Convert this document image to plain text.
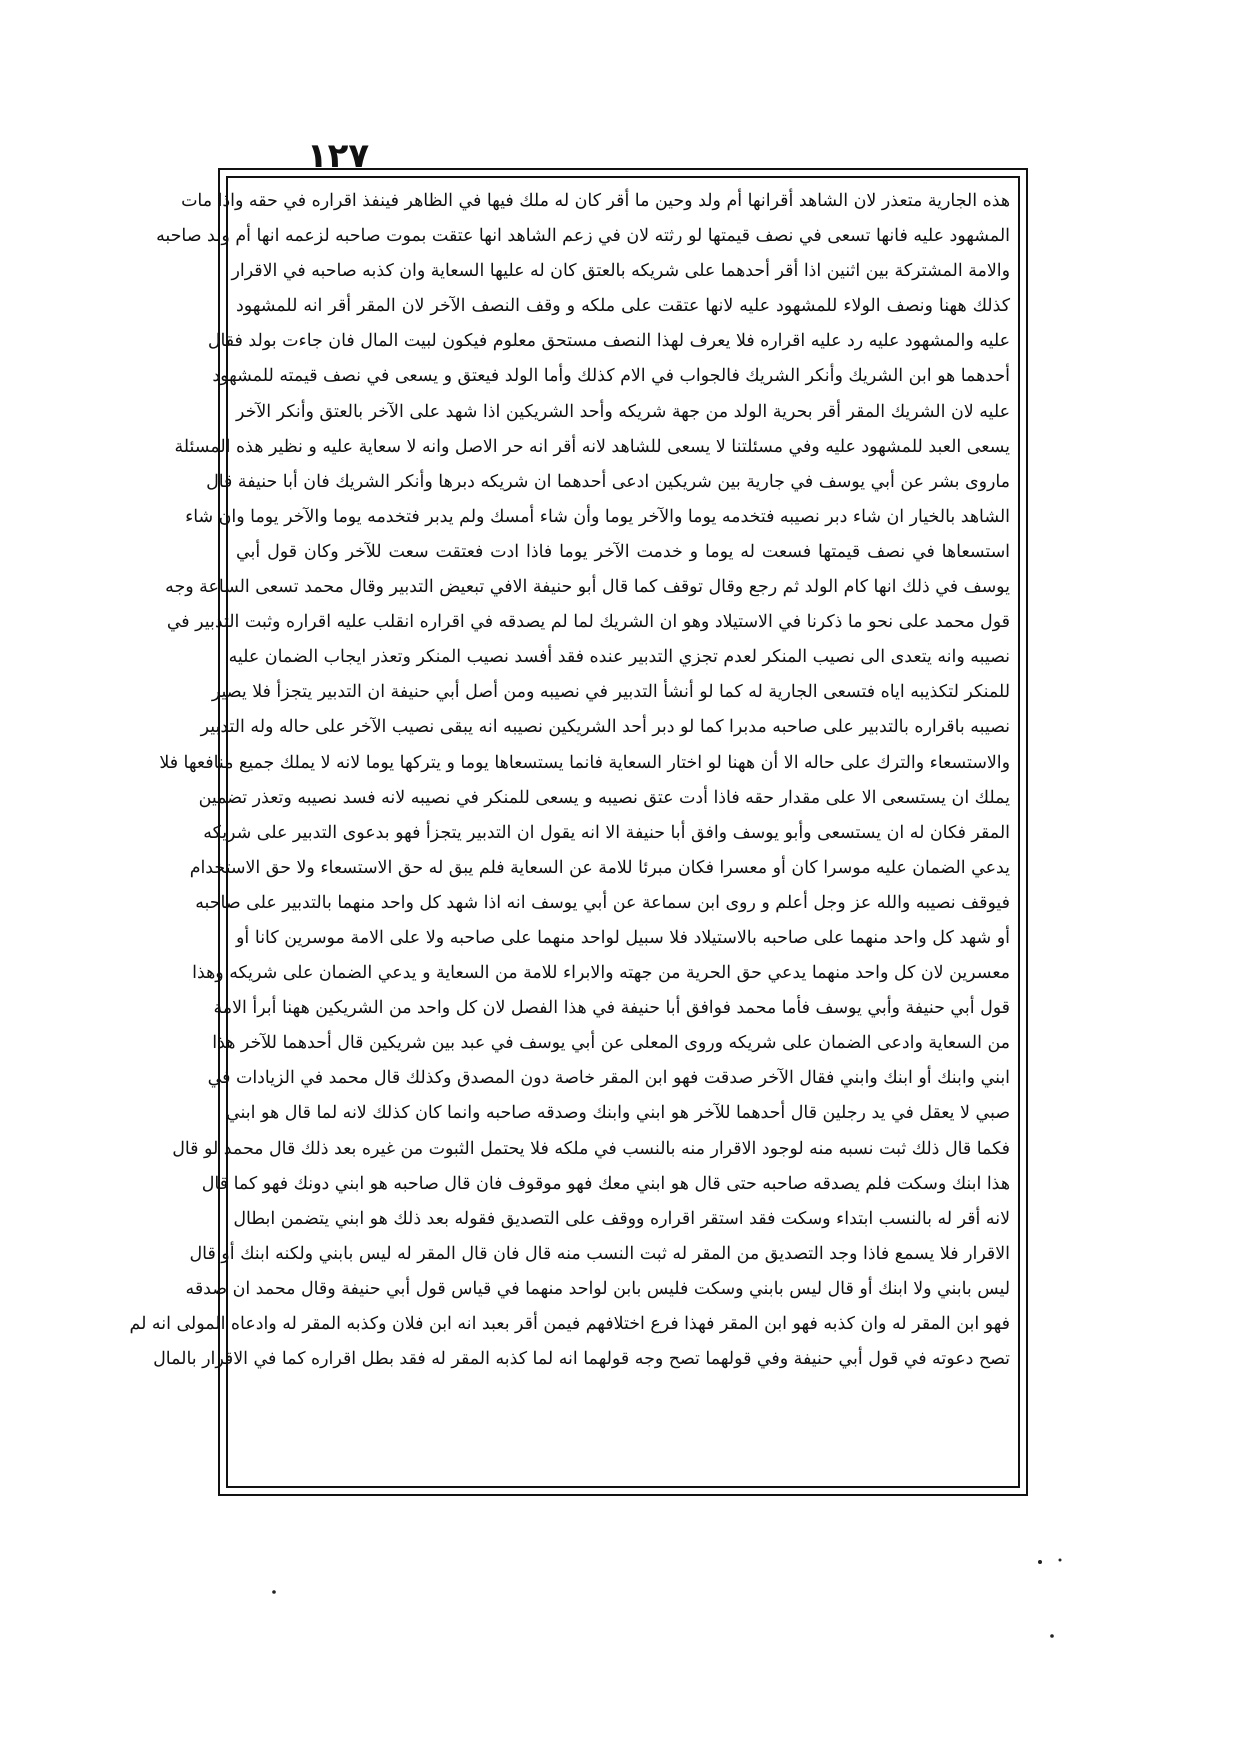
١٢٧
هذه الجارية متعذر لان الشاهد أقرانها أم ولد وحين ما أقر كان له ملك فيها في الظاهر فينفذ اقراره في حقه واذا مات
المشهود عليه فانها تسعى في نصف قيمتها لو رثته لان في زعم الشاهد انها عتقت بموت صاحبه لزعمه انها أم ولد صاحبه
والامة المشتركة بين اثنين اذا أقر أحدهما على شريكه بالعتق كان له عليها السعاية وان كذبه صاحبه في الاقرار
كذلك ههنا ونصف الولاء للمشهود عليه لانها عتقت على ملكه و وقف النصف الآخر لان المقر أقر انه للمشهود
عليه والمشهود عليه رد عليه اقراره فلا يعرف لهذا النصف مستحق معلوم فيكون لبيت المال فان جاءت بولد فقال
أحدهما هو ابن الشريك وأنكر الشريك فالجواب في الام كذلك وأما الولد فيعتق و يسعى في نصف قيمته للمشهود
عليه لان الشريك المقر أقر بحرية الولد من جهة شريكه وأحد الشريكين اذا شهد على الآخر بالعتق وأنكر الآخر
يسعى العبد للمشهود عليه وفي مسئلتنا لا يسعى للشاهد لانه أقر انه حر الاصل وانه لا سعاية عليه و نظير هذه المسئلة
ماروى بشر عن أبي يوسف في جارية بين شريكين ادعى أحدهما ان شريكه دبرها وأنكر الشريك فان أبا حنيفة قال
الشاهد بالخيار ان شاء دبر نصيبه فتخدمه يوما والآخر يوما وأن شاء أمسك ولم يدبر فتخدمه يوما والآخر يوما وان شاء
استسعاها في نصف قيمتها فسعت له يوما و خدمت الآخر يوما فاذا ادت فعتقت سعت للآخر وكان قول أبي
يوسف في ذلك انها كام الولد ثم رجع وقال توقف كما قال أبو حنيفة الافي تبعيض التدبير وقال محمد تسعى الساعة وجه
قول محمد على نحو ما ذكرنا في الاستيلاد وهو ان الشريك لما لم يصدقه في اقراره انقلب عليه اقراره وثبت التدبير في
نصيبه وانه يتعدى الى نصيب المنكر لعدم تجزي التدبير عنده فقد أفسد نصيب المنكر وتعذر ايجاب الضمان عليه
للمنكر لتكذيبه اياه فتسعى الجارية له كما لو أنشأ التدبير في نصيبه ومن أصل أبي حنيفة ان التدبير يتجزأ فلا يصير
نصيبه باقراره بالتدبير على صاحبه مدبرا كما لو دبر أحد الشريكين نصيبه انه يبقى نصيب الآخر على حاله وله التدبير
والاستسعاء والترك على حاله الا أن ههنا لو اختار السعاية فانما يستسعاها يوما و يتركها يوما لانه لا يملك جميع منافعها فلا
يملك ان يستسعى الا على مقدار حقه فاذا أدت عتق نصيبه و يسعى للمنكر في نصيبه لانه فسد نصيبه وتعذر تضمين
المقر فكان له ان يستسعى وأبو يوسف وافق أبا حنيفة الا انه يقول ان التدبير يتجزأ فهو بدعوى التدبير على شريكه
يدعي الضمان عليه موسرا كان أو معسرا فكان مبرئا للامة عن السعاية فلم يبق له حق الاستسعاء ولا حق الاستخدام
فيوقف نصيبه والله عز وجل أعلم و روى ابن سماعة عن أبي يوسف انه اذا شهد كل واحد منهما بالتدبير على صاحبه
أو شهد كل واحد منهما على صاحبه بالاستيلاد فلا سبيل لواحد منهما على صاحبه ولا على الامة موسرين كانا أو
معسرين لان كل واحد منهما يدعي حق الحرية من جهته والابراء للامة من السعاية و يدعي الضمان على شريكه وهذا
قول أبي حنيفة وأبي يوسف فأما محمد فوافق أبا حنيفة في هذا الفصل لان كل واحد من الشريكين ههنا أبرأ الامة
من السعاية وادعى الضمان على شريكه وروى المعلى عن أبي يوسف في عبد بين شريكين قال أحدهما للآخر هذا
ابني وابنك أو ابنك وابني فقال الآخر صدقت فهو ابن المقر خاصة دون المصدق وكذلك قال محمد في الزيادات في
صبي لا يعقل في يد رجلين قال أحدهما للآخر هو ابني وابنك وصدقه صاحبه وانما كان كذلك لانه لما قال هو ابني
فكما قال ذلك ثبت نسبه منه لوجود الاقرار منه بالنسب في ملكه فلا يحتمل الثبوت من غيره بعد ذلك قال محمد لو قال
هذا ابنك وسكت فلم يصدقه صاحبه حتى قال هو ابني معك فهو موقوف فان قال صاحبه هو ابني دونك فهو كما قال
لانه أقر له بالنسب ابتداء وسكت فقد استقر اقراره ووقف على التصديق فقوله بعد ذلك هو ابني يتضمن ابطال
الاقرار فلا يسمع فاذا وجد التصديق من المقر له ثبت النسب منه قال فان قال المقر له ليس بابني ولكنه ابنك أو قال
ليس بابني ولا ابنك أو قال ليس بابني وسكت فليس بابن لواحد منهما في قياس قول أبي حنيفة وقال محمد ان صدقه
فهو ابن المقر له وان كذبه فهو ابن المقر فهذا فرع اختلافهم فيمن أقر بعبد انه ابن فلان وكذبه المقر له وادعاه المولى انه لم
تصح دعوته في قول أبي حنيفة وفي قولهما تصح وجه قولهما انه لما كذبه المقر له فقد بطل اقراره كما في الاقرار بالمال
